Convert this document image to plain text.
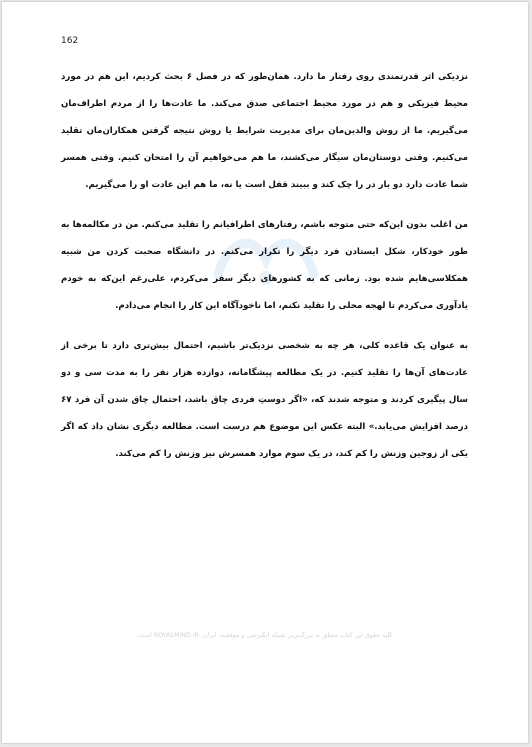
162

نزدیکی اثر قدرتمندی روی رفتار ما دارد. همان‌طور که در فصل ۶ بحث کردیم، این هم در مورد محیط فیزیکی و هم در مورد محیط اجتماعی صدق می‌کند. ما عادت‌ها را از مردم اطراف‌مان می‌گیریم. ما از روش والدین‌مان برای مدیریت شرایط یا روش نتیجه گرفتن همکاران‌مان تقلید می‌کنیم. وقتی دوستان‌مان سیگار می‌کشند، ما هم می‌خواهیم آن را امتحان کنیم. وقتی همسر شما عادت دارد دو بار در را چک کند و ببیند قفل است یا نه، ما هم این عادت او را می‌گیریم.

من اغلب بدون این‌که حتی متوجه باشم، رفتارهای اطرافیانم را تقلید می‌کنم. من در مکالمه‌ها به طور خودکار، شکل ایستادن فرد دیگر را تکرار می‌کنم. در دانشگاه صحبت کردن من شبیه همکلاسی‌هایم شده بود. زمانی که به کشورهای دیگر سفر می‌کردم، علی‌رغم این‌که به خودم یادآوری می‌کردم تا لهجه محلی را تقلید نکنم، اما ناخودآگاه این کار را انجام می‌دادم.

به عنوان یک قاعده کلی، هر چه به شخصی نزدیک‌تر باشیم، احتمال بیش‌تری دارد تا برخی از عادت‌های آن‌ها را تقلید کنیم. در یک مطالعه پیشگامانه، دوازده هزار نفر را به مدت سی و دو سال پیگیری کردند و متوجه شدند که، «اگر دوستِ فردی چاق باشد، احتمال چاق شدن آن فرد ۶۷ درصد افزایش می‌یابد.» البته عکس این موضوع هم درست است. مطالعه دیگری نشان داد که اگر یکی از زوجین وزنش را کم کند، در یک سوم موارد همسرش نیز وزنش را کم می‌کند.

کلیه حقوق این کتاب متعلق به بزرگ‌ترین شبکه انگیزشی و موفقیت ایران، ROYALMIND.IR است.
